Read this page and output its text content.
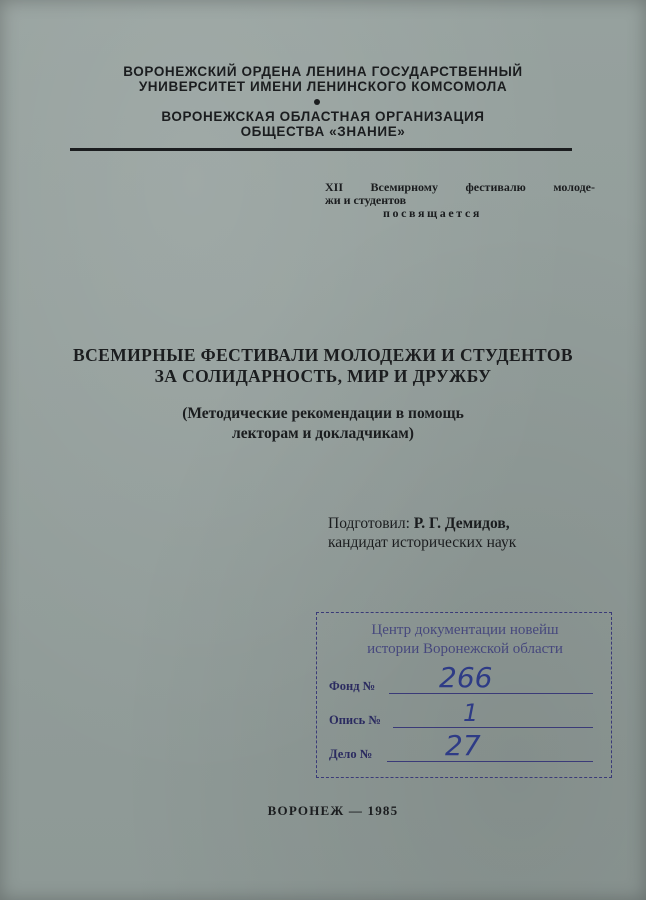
ВОРОНЕЖСКИЙ ОРДЕНА ЛЕНИНА ГОСУДАРСТВЕННЫЙ
УНИВЕРСИТЕТ ИМЕНИ ЛЕНИНСКОГО КОМСОМОЛА
ВОРОНЕЖСКАЯ ОБЛАСТНАЯ ОРГАНИЗАЦИЯ
ОБЩЕСТВА «ЗНАНИЕ»
XII Всемирному фестивалю молоде-
жи и студентов
посвящается
ВСЕМИРНЫЕ ФЕСТИВАЛИ МОЛОДЕЖИ И СТУДЕНТОВ
ЗА СОЛИДАРНОСТЬ, МИР И ДРУЖБУ
(Методические рекомендации в помощь
лекторам и докладчикам)
Подготовил: Р. Г. Демидов,
кандидат исторических наук
Центр документации новейш
истории Воронежской области
Фонд № 266
Опись №	1
Дело №	27
ВОРОНЕЖ — 1985
